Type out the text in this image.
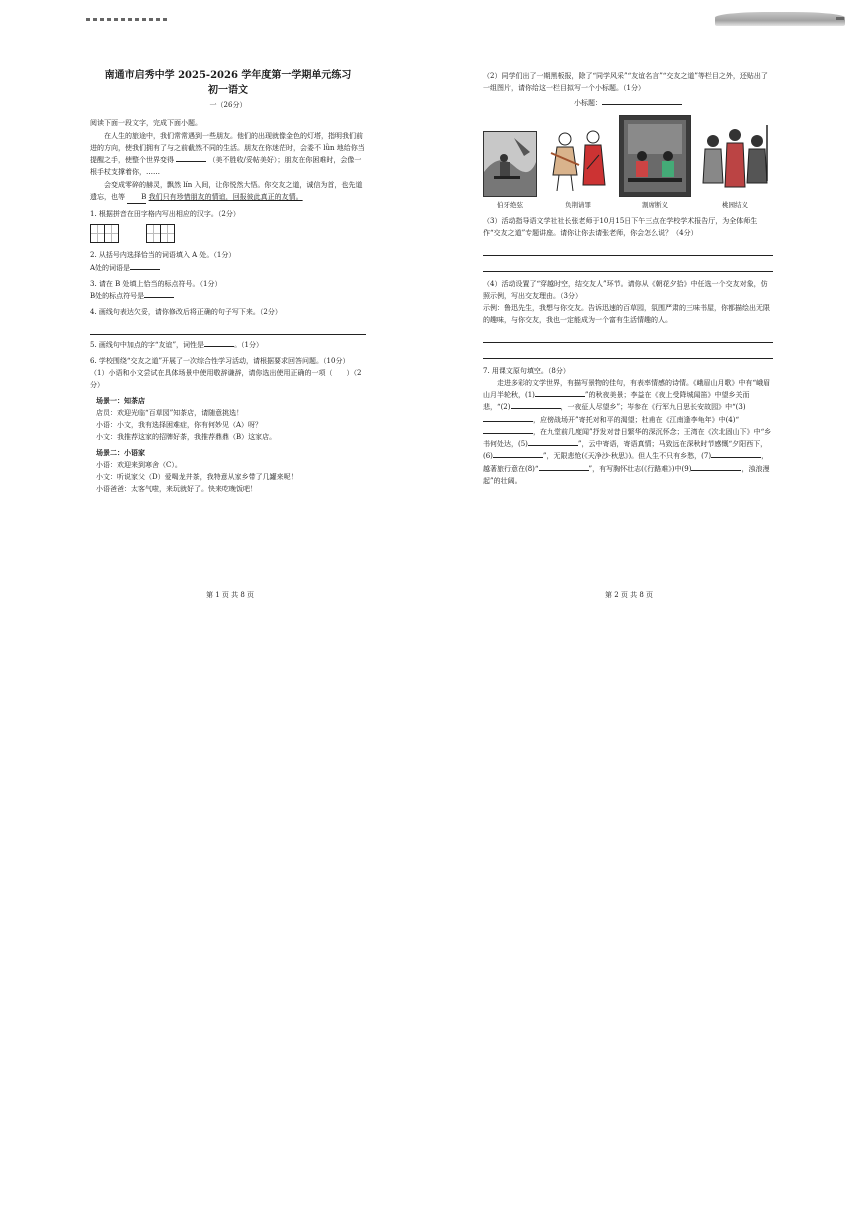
南通市启秀中学 2025-2026 学年度第一学期单元练习
初一语文
一（26分）

阅读下面一段文字，完成下面小题。

在人生的旅途中，我们常常遇到一些朋友。他们的出现就像金色的灯塔，指明我们前进的方向，使我们拥有了与之前截然不同的生活。朋友在你迷茫时，会委不 lǜn 地给你当提醒之手，使整个世界变得	（美不胜收/妥帖美好）；朋友在你困难时，会像一根手杖支撑着你，……

会变成零碎的赫灵，飘然 lín 入间，让你悦然大悟。你交友之道，诚信为首，也先道遗忘，也等 B 我们只有珍惜朋友的情谊，回报彼此真正的友情。

1. 根据拼音在田字格内写出相应的汉字。（2分）

2. 从括号内选择恰当的词语填入 A 处。（1分）

A处的词语是

3. 请在 B 处填上恰当的标点符号。（1分）

B处的标点符号是

4. 画线句表达欠妥，请你修改后将正确的句子写下来。（2分）

5. 画线句中加点的字“友谊”，词性是	。（1分）

6. 学校围绕“交友之道”开展了一次综合性学习活动，请根据要求回答问题。（10分）

（1）小语和小文尝试在具体场景中使用敬辞谦辞，请你选出使用正确的一项（　　）（2分）

场景一：知茶店
店员：欢迎光临“百草园”知茶店，请随意挑选！
小语：小文，我有选择困难症，你有何妙见（A）呀？
小文：我推荐这家的招牌好茶，我推荐鼎鼎（B）这家店。
场景二：小语家
小语：欢迎来到寒舍（C）。
小文：听说家父（D）爱喝龙井茶，我特意从家乡带了几罐来呢！
小语爸爸：太客气啦，来玩就好了。快来吃晚饭吧！
第 1 页 共 8 页

（2）同学们出了一期黑板报，除了“同学风采”“友谊名言”“交友之道”等栏目之外，还贴出了一组图片，请你给这一栏目拟写一个小标题。（1分）

小标题：
伯牙绝弦	负荆请罪	割席断义	桃园结义

（3）活动指导语文学社社长张老师于10月15日下午三点在学校学术报告厅，为全体师生作“交友之道”专题讲座。请你让你去请张老师，你会怎么说？（4分）

（4）活动设置了“穿越时空，结交友人”环节。请你从《朝花夕拾》中任选一个交友对象，仿照示例，写出交友理由。（3分）

示例：鲁迅先生，我想与你交友。告诉迅速的百草园，氛围严肃的三味书屋，你都描绘出无限的趣味，与你交友，我也一定能成为一个富有生活情趣的人。

7. 用课文原句填空。（8分）

走进多彩的文学世界，有描写景物的佳句，有表率情感的诗情。《峨眉山月歌》中有“峨眉山月半轮秋，(1)	”的秋夜美景；李益在《夜上受降城闻笛》中望乡关而悲，“(2)	，一夜征人尽望乡”；岑参在《行军九日思长安故园》中“(3)，应傍战场开”寄托对和平的渴望；杜甫在《江南逢李龟年》中(4)“，在九堂前几度闻”抒发对昔日繁华的深沉怀念；王湾在《次北固山下》中“乡书何处达，(5)	”，云中寄语，寄语真情；马致远在深秋时节感慨“夕阳西下，(6)	”，无限悲怆(《天净沙·秋思》)。但人生不只有乡愁，(7)	，越著旅行意在(8)“	”，有写胸怀壮志(《行路难》)中(9)	，浊浪漫起”的壮阔。

第 2 页 共 8 页
